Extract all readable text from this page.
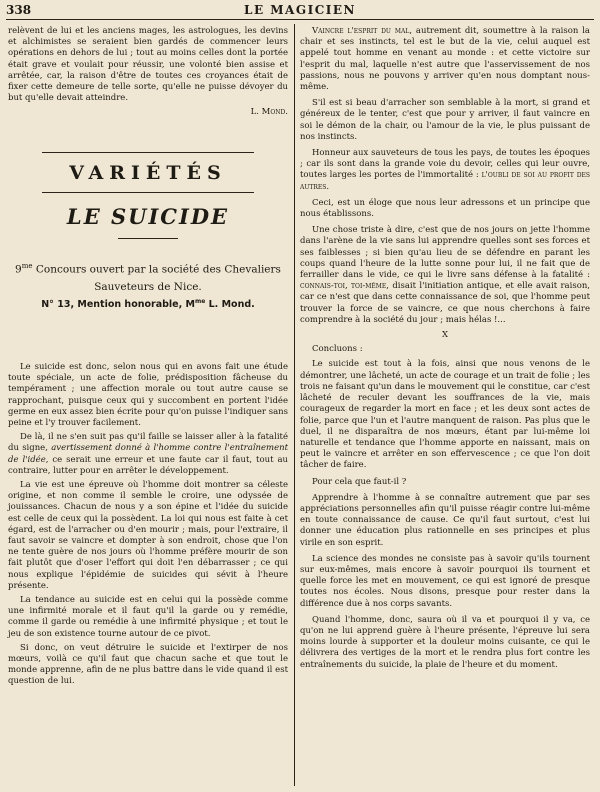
338	LE MAGICIEN

relèvent de lui et les anciens mages, les astrologues, les devins et alchimistes se seraient bien gardés de commencer leurs opérations en dehors de lui ; tout au moins celles dont la portée était grave et voulait pour réussir, une volonté bien assise et arrêtée, car, la raison d'être de toutes ces croyances était de fixer cette demeure de telle sorte, qu'elle ne puisse dévoyer du but qu'elle devait atteindre.

L. Mond.

VARIÉTÉS
LE SUICIDE
$9^{me}$ Concours ouvert par la société des Chevaliers
Sauveteurs de Nice.
N° 13, Mention honorable, $M^{me}$ L. Mond.

Le suicide est donc, selon nous qui en avons fait une étude toute spéciale, un acte de folie, prédisposition fâcheuse du tempérament ; une affection morale ou tout autre cause se rapprochant, puisque ceux qui y succombent en portent l'idée germe en eux assez bien écrite pour qu'on puisse l'indiquer sans peine et l'y trouver facilement.

De là, il ne s'en suit pas qu'il faille se laisser aller à la fatalité du signe, avertissement donné à l'homme contre l'entraînement de l'idée, ce serait une erreur et une faute car il faut, tout au contraire, lutter pour en arrêter le développement.

La vie est une épreuve où l'homme doit montrer sa céleste origine, et non comme il semble le croire, une odyssée de jouissances. Chacun de nous y a son épine et l'idée du suicide est celle de ceux qui la possèdent. La loi qui nous est faite à cet égard, est de l'arracher ou d'en mourir ; mais, pour l'extraire, il faut savoir se vaincre et dompter à son endroit, chose que l'on ne tente guère de nos jours où l'homme préfère mourir de son fait plutôt que d'oser l'effort qui doit l'en débarrasser ; ce qui nous explique l'épidémie de suicides qui sévit à l'heure présente.

La tendance au suicide est en celui qui la possède comme une infirmité morale et il faut qu'il la garde ou y remédie, comme il garde ou remédie à une infirmité physique ; et tout le jeu de son existence tourne autour de ce pivot.

Si donc, on veut détruire le suicide et l'extirper de nos mœurs, voilà ce qu'il faut que chacun sache et que tout le monde apprenne, afin de ne plus battre dans le vide quand il est question de lui.

Vaincre l'esprit du mal, autrement dit, soumettre à la raison la chair et ses instincts, tel est le but de la vie, celui auquel est appelé tout homme en venant au monde : et cette victoire sur l'esprit du mal, laquelle n'est autre que l'asservissement de nos passions, nous ne pouvons y arriver qu'en nous domptant nous-même.

S'il est si beau d'arracher son semblable à la mort, si grand et généreux de le tenter, c'est que pour y arriver, il faut vaincre en soi le démon de la chair, ou l'amour de la vie, le plus puissant de nos instincts.

Honneur aux sauveteurs de tous les pays, de toutes les époques ; car ils sont dans la grande voie du devoir, celles qui leur ouvre, toutes larges les portes de l'immortalité : l'oubli de soi au profit des autres.

Ceci, est un éloge que nous leur adressons et un principe que nous établissons.

Une chose triste à dire, c'est que de nos jours on jette l'homme dans l'arène de la vie sans lui apprendre quelles sont ses forces et ses faiblesses ; si bien qu'au lieu de se défendre en parant les coups quand l'heure de la lutte sonne pour lui, il ne fait que de ferrailler dans le vide, ce qui le livre sans défense à la fatalité : connais-toi, toi-même, disait l'initiation antique, et elle avait raison, car ce n'est que dans cette connaissance de soi, que l'homme peut trouver la force de se vaincre, ce que nous cherchons à faire comprendre à la société du jour ; mais hélas !...

X

Concluons :

Le suicide est tout à la fois, ainsi que nous venons de le démontrer, une lâcheté, un acte de courage et un trait de folie ; les trois ne faisant qu'un dans le mouvement qui le constitue, car c'est lâcheté de reculer devant les souffrances de la vie, mais courageux de regarder la mort en face ; et les deux sont actes de folie, parce que l'un et l'autre manquent de raison. Pas plus que le duel, il ne disparaîtra de nos mœurs, étant par lui-même loi naturelle et tendance que l'homme apporte en naissant, mais on peut le vaincre et arrêter en son effervescence ; ce que l'on doit tâcher de faire.

Pour cela que faut-il ?

Apprendre à l'homme à se connaître autrement que par ses appréciations personnelles afin qu'il puisse réagir contre lui-même en toute connaissance de cause. Ce qu'il faut surtout, c'est lui donner une éducation plus rationnelle en ses principes et plus virile en son esprit.

La science des mondes ne consiste pas à savoir qu'ils tournent sur eux-mêmes, mais encore à savoir pourquoi ils tournent et quelle force les met en mouvement, ce qui est ignoré de presque toutes nos écoles. Nous disons, presque pour rester dans la différence due à nos corps savants.

Quand l'homme, donc, saura où il va et pourquoi il y va, ce qu'on ne lui apprend guère à l'heure présente, l'épreuve lui sera moins lourde à supporter et la douleur moins cuisante, ce qui le délivrera des vertiges de la mort et le rendra plus fort contre les entraînements du suicide, la plaie de l'heure et du moment.
